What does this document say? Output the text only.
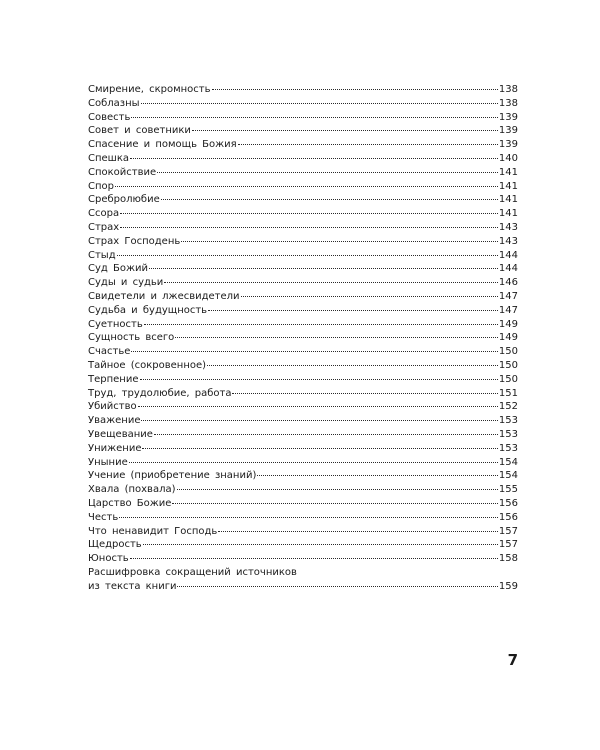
Смирение, скромность	138
Соблазны	138
Совесть	139
Совет и советники	139
Спасение и помощь Божия	139
Спешка	140
Спокойствие	141
Спор	141
Сребролюбие	141
Ссора	141
Страх	143
Страх Господень	143
Стыд	144
Суд Божий	144
Суды и судьи	146
Свидетели и лжесвидетели	147
Судьба и будущность	147
Суетность	149
Сущность всего	149
Счастье	150
Тайное (сокровенное)	150
Терпение	150
Труд, трудолюбие, работа	151
Убийство	152
Уважение	153
Увещевание	153
Унижение	153
Уныние	154
Учение (приобретение знаний)	154
Хвала (похвала)	155
Царство Божие	156
Честь	156
Что ненавидит Господь	157
Щедрость	157
Юность	158
Расшифровка сокращений источников
из текста книги	159
7
